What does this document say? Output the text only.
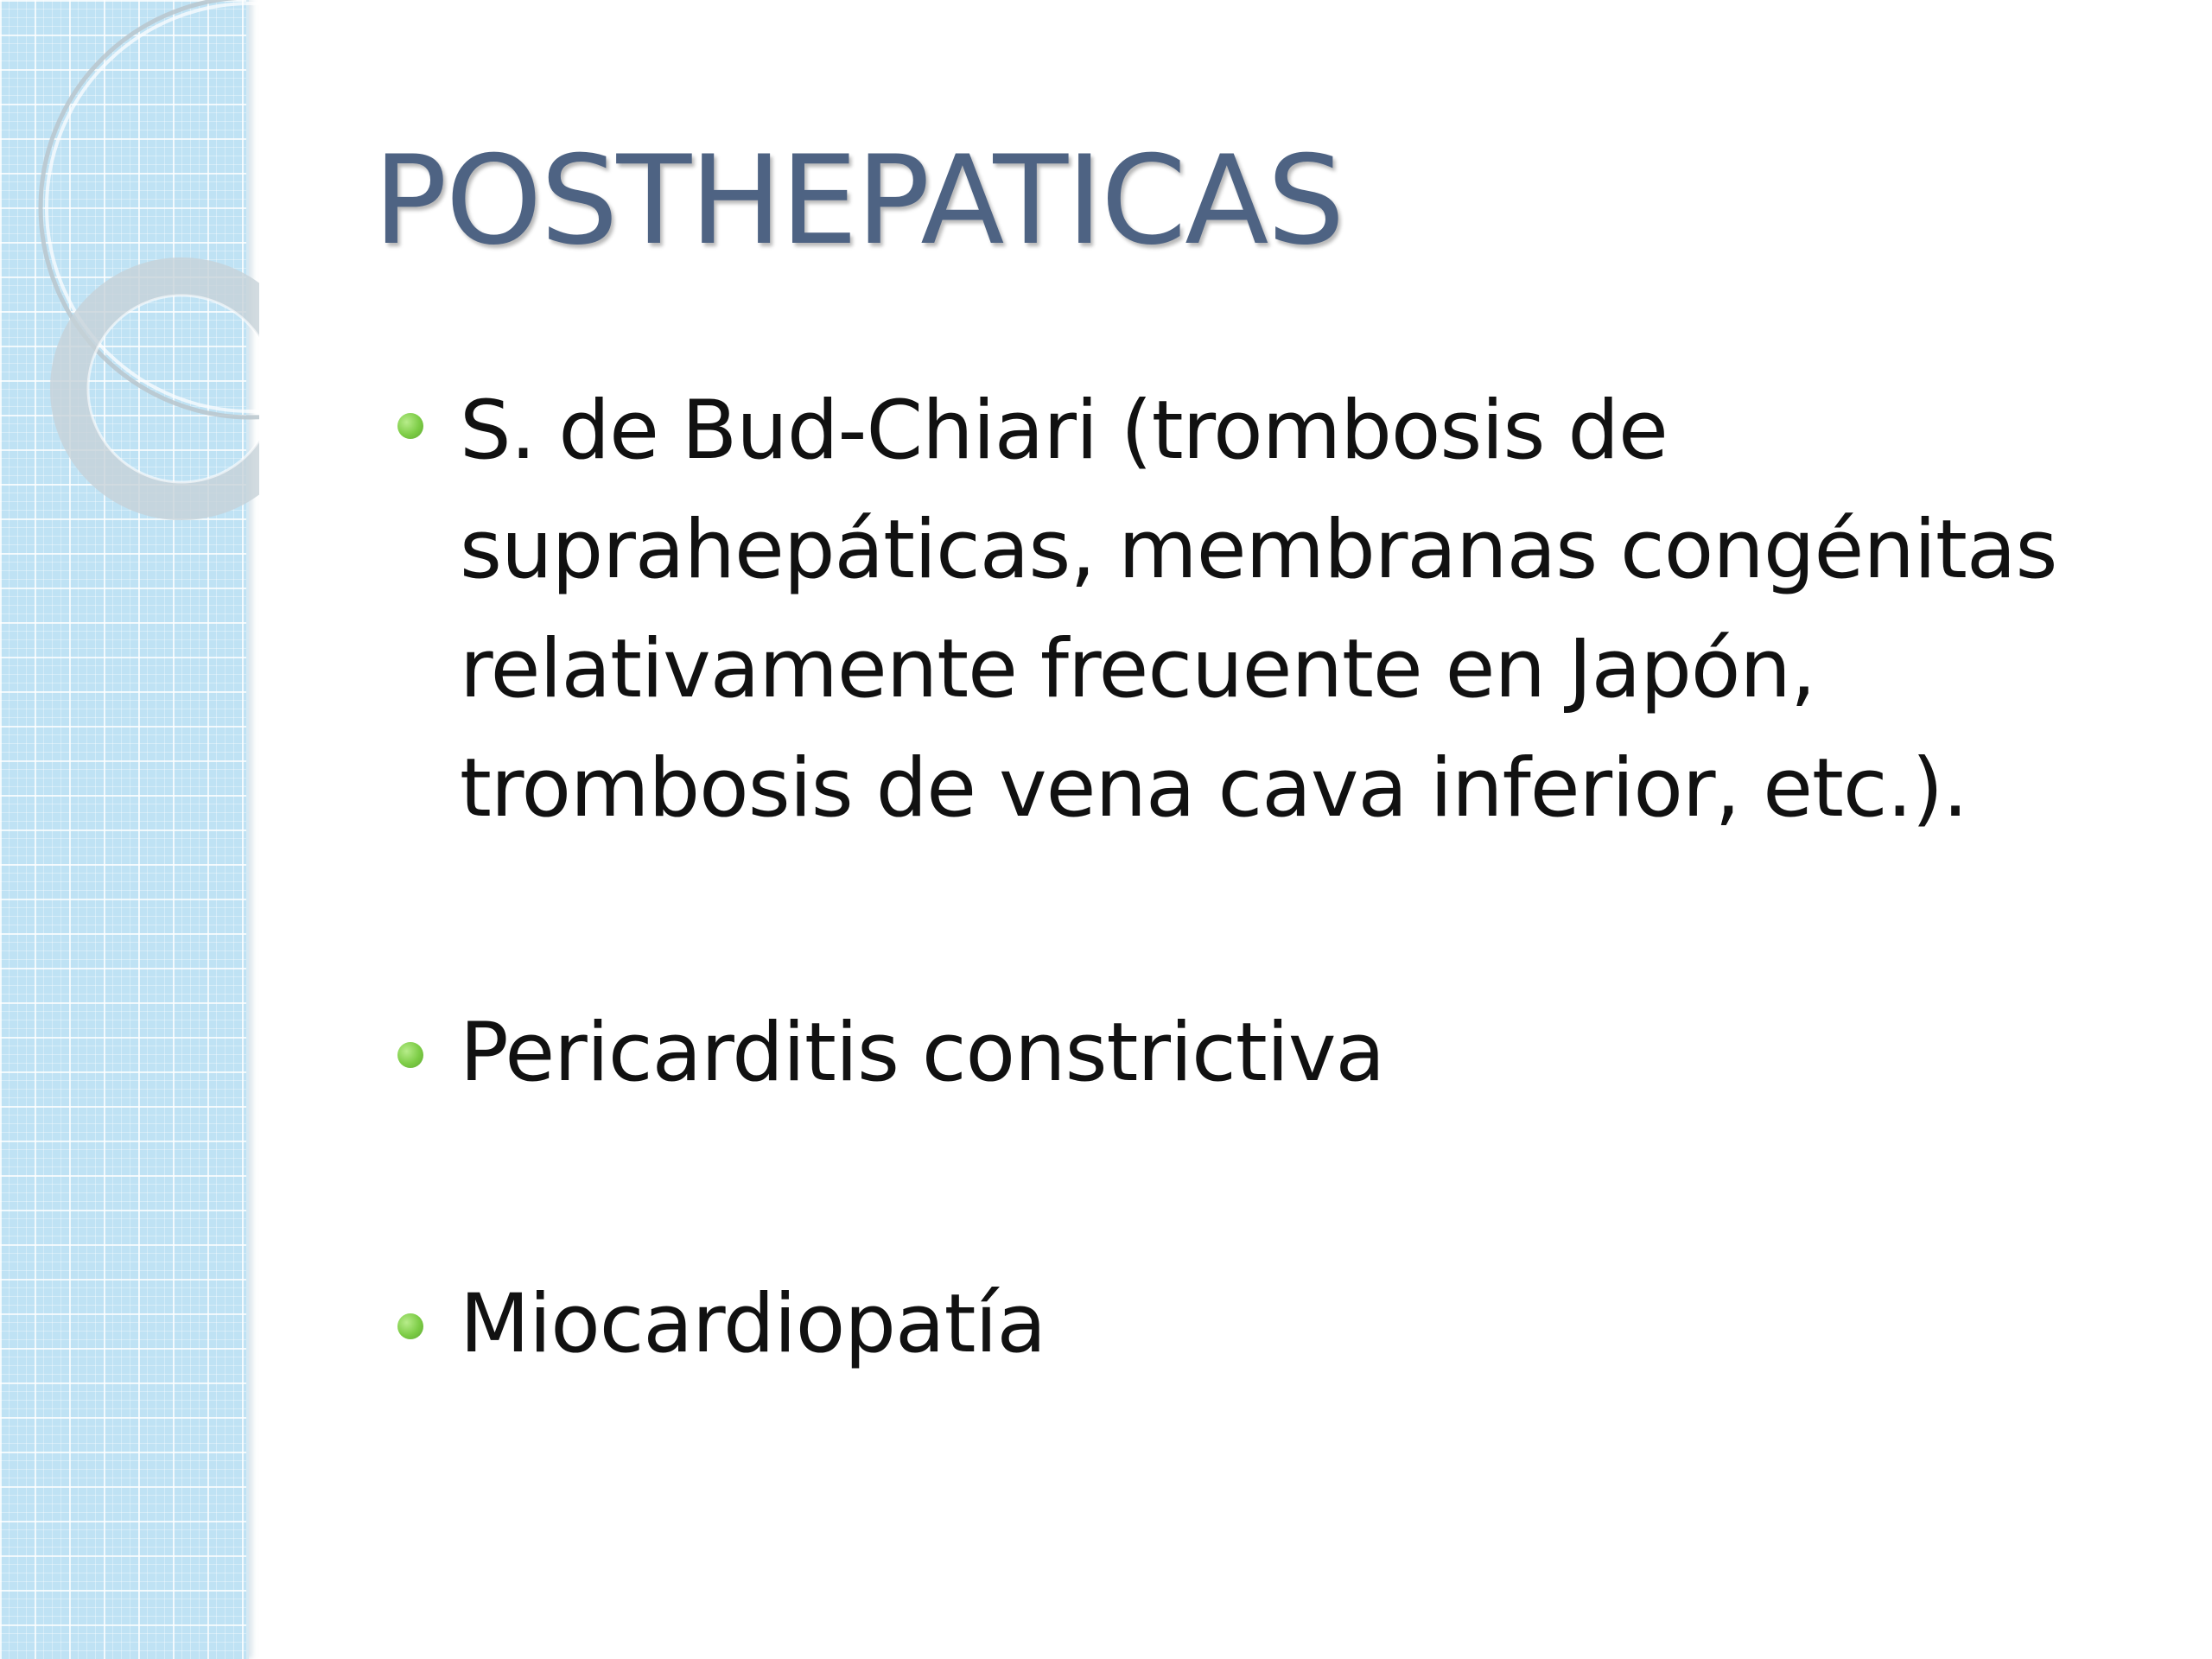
POSTHEPATICAS
S. de Bud-Chiari (trombosis de suprahepáticas, membranas congénitas relativamente frecuente en Japón, trombosis de vena cava inferior, etc.).
Pericarditis constrictiva
Miocardiopatía
